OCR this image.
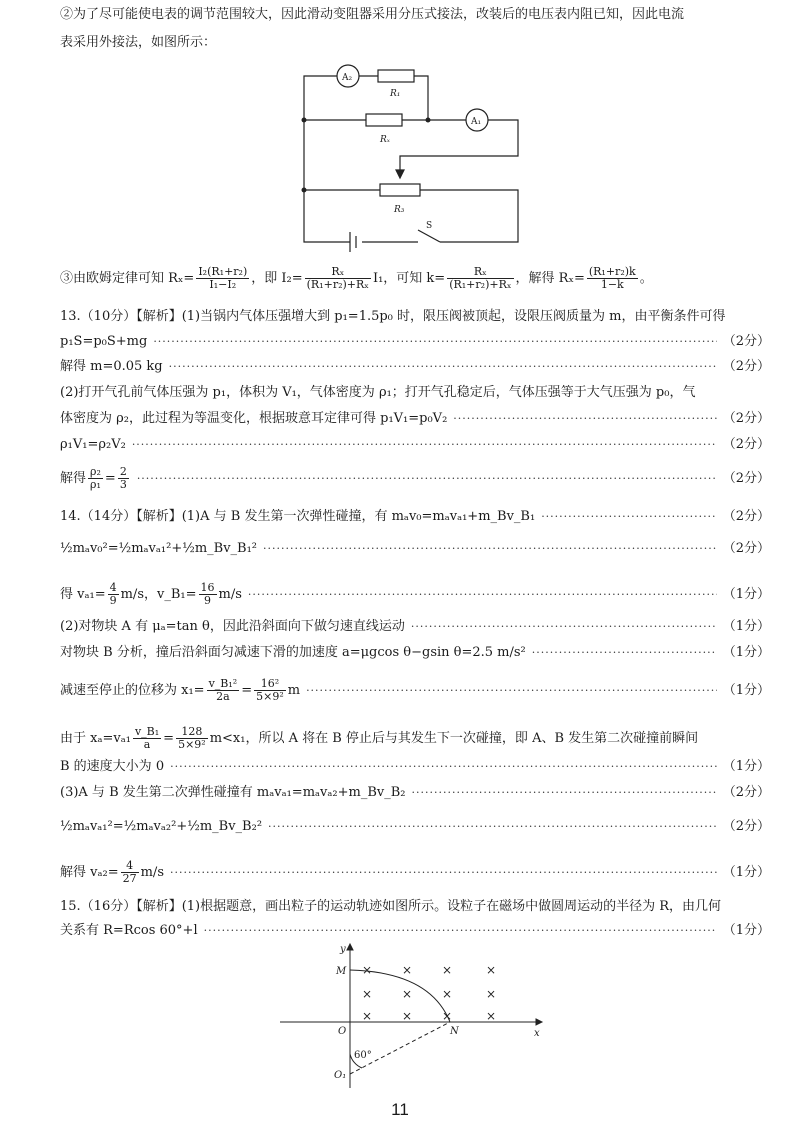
②为了尽可能使电表的调节范围较大，因此滑动变阻器采用分压式接法，改装后的电压表内阻已知，因此电流
表采用外接法，如图所示：
A₂
A₁
R₁
Rₓ
R₃
S
③由欧姆定律可知 $R_x= \frac{\text{I₂(R₁+r₂)}}{\text{I₁−I₂}}$ ，即 $I_2= \frac{\text{Rₓ}}{\text{(R₁+r₂)+Rₓ}} I_1$，可知 $k= \frac{\text{Rₓ}}{\text{(R₁+r₂)+Rₓ}}$ ，解得 $R_x= \frac{\text{(R₁+r₂)k}}{1-k}$ 。
13.（10分）【解析】(1)当锅内气体压强增大到 p₁=1.5p₀ 时，限压阀被顶起，设限压阀质量为 m，由平衡条件可得
p₁S=p₀S+mg ·····	（2分）
解得 m=0.05 kg ·····	（2分）
(2)打开气孔前气体压强为 p₁，体积为 V₁，气体密度为 ρ₁；打开气孔稳定后，气体压强等于大气压强为 p₀，气
体密度为 ρ₂，此过程为等温变化，根据玻意耳定律可得 p₁V₁=p₀V₂ ·····	（2分）
ρ₁V₁=ρ₂V₂ ·····	（2分）
解得 $\frac{\text{ρ₂}}{\text{ρ₁}} = \frac{2}{3}$ ·····	（2分）
14.（14分）【解析】(1)A 与 B 发生第一次弹性碰撞，有 mₐv₀=mₐvₐ₁+m_Bv_B₁ ·····	（2分）
½mₐv₀²=½mₐvₐ₁²+½m_Bv_B₁² ·····	（2分）
得 $v_{a1}= \frac{4}{9} m/s$，v_B₁= $\frac{16}{9} m/s$ ·····	（1分）
(2)对物块 A 有 μₐ=tan θ，因此沿斜面向下做匀速直线运动 ·····	（1分）
对物块 B 分析，撞后沿斜面匀减速下滑的加速度 a=μgcos θ−gsin θ=2.5 m/s² ·····	（1分）
减速至停止的位移为 $x_1= \frac{\text{v\_B₁²}}{2a} = \frac{\text{16²}}{\text{5×9²}}$ m ·····	（1分）
由于 $x_a=v_{a1} \frac{\text{v\_B₁}}{a} = \frac{128}{\text{5×9²}} m<x_1$，所以 A 将在 B 停止后与其发生下一次碰撞，即 A、B 发生第二次碰撞前瞬间
B 的速度大小为 0 ·····	（1分）
(3)A 与 B 发生第二次弹性碰撞有 mₐvₐ₁=mₐvₐ₂+m_Bv_B₂ ·····	（2分）
½mₐvₐ₁²=½mₐvₐ₂²+½m_Bv_B₂² ·····	（2分）
解得 $v_{a2}= \frac{4}{27} m/s$ ·····	（1分）
15.（16分）【解析】(1)根据题意，画出粒子的运动轨迹如图所示。设粒子在磁场中做圆周运动的半径为 R，由几何
关系有 R=Rcos 60°+l ·····	（1分）
y
x
M
O	N
O₁
60°
× × ×	×
× × ×	×
× × ×	×
11
